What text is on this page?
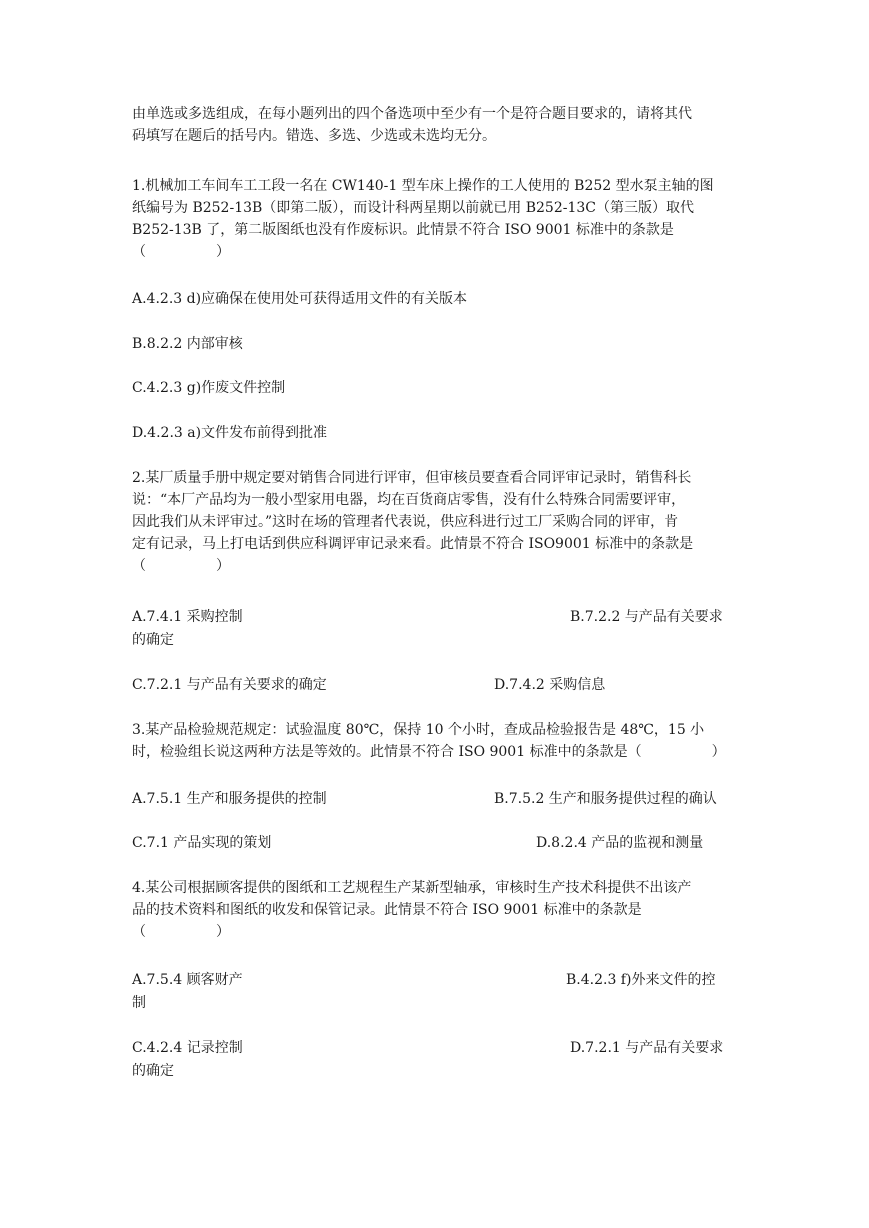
由单选或多选组成，在每小题列出的四个备选项中至少有一个是符合题目要求的，请将其代
码填写在题后的括号内。错选、多选、少选或未选均无分。
1.机械加工车间车工工段一名在 CW140-1 型车床上操作的工人使用的 B252 型水泵主轴的图
纸编号为 B252-13B（即第二版），而设计科两星期以前就已用 B252-13C（第三版）取代
B252-13B 了，第二版图纸也没有作废标识。此情景不符合 ISO 9001 标准中的条款是
（　　　　　）
A.4.2.3 d)应确保在使用处可获得适用文件的有关版本
B.8.2.2 内部审核
C.4.2.3 g)作废文件控制
D.4.2.3 a)文件发布前得到批准
2.某厂质量手册中规定要对销售合同进行评审，但审核员要查看合同评审记录时，销售科长
说：“本厂产品均为一般小型家用电器，均在百货商店零售，没有什么特殊合同需要评审，
因此我们从未评审过。”这时在场的管理者代表说，供应科进行过工厂采购合同的评审，肯
定有记录，马上打电话到供应科调评审记录来看。此情景不符合 ISO9001 标准中的条款是
（　　　　　）
A.7.4.1 采购控制	B.7.2.2 与产品有关要求
的确定
C.7.2.1 与产品有关要求的确定	D.7.4.2 采购信息
3.某产品检验规范规定：试验温度 80℃，保持 10 个小时，查成品检验报告是 48℃，15 小
时，检验组长说这两种方法是等效的。此情景不符合 ISO 9001 标准中的条款是（　　　　　）
A.7.5.1 生产和服务提供的控制	B.7.5.2 生产和服务提供过程的确认
C.7.1 产品实现的策划	D.8.2.4 产品的监视和测量
4.某公司根据顾客提供的图纸和工艺规程生产某新型轴承，审核时生产技术科提供不出该产
品的技术资料和图纸的收发和保管记录。此情景不符合 ISO 9001 标准中的条款是
（　　　　　）
A.7.5.4 顾客财产	B.4.2.3 f)外来文件的控
制
C.4.2.4 记录控制	D.7.2.1 与产品有关要求
的确定
